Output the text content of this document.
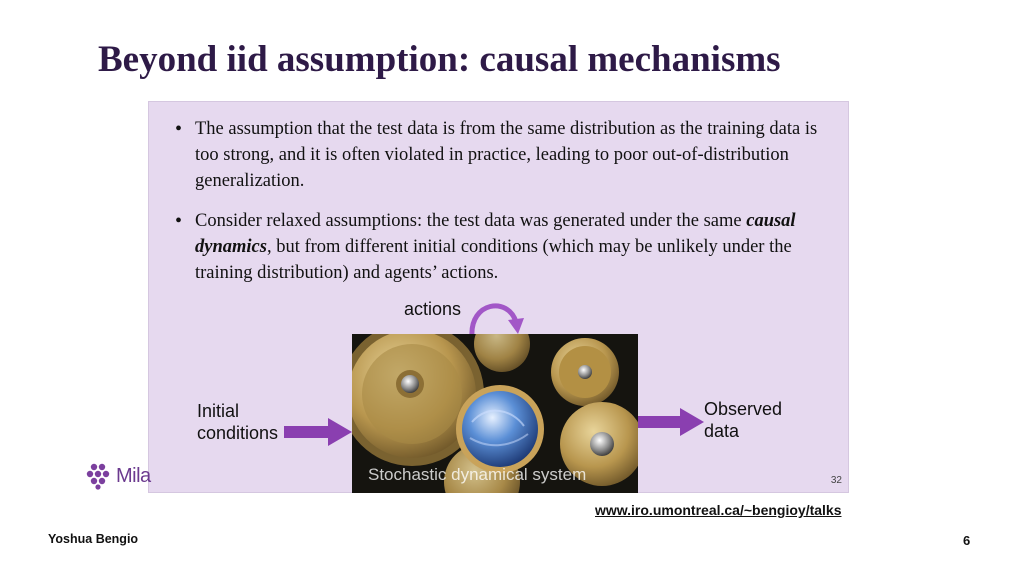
Beyond iid assumption: causal mechanisms
• The assumption that the test data is from the same distribution as the training data is too strong, and it is often violated in practice, leading to poor out-of-distribution generalization.
• Consider relaxed assumptions: the test data was generated under the same causal dynamics, but from different initial conditions (which may be unlikely under the training distribution) and agents’ actions.
32
actions
Initial
conditions
Stochastic dynamical system
Observed
data
Mila
www.iro.umontreal.ca/~bengioy/talks
Yoshua Bengio	6
